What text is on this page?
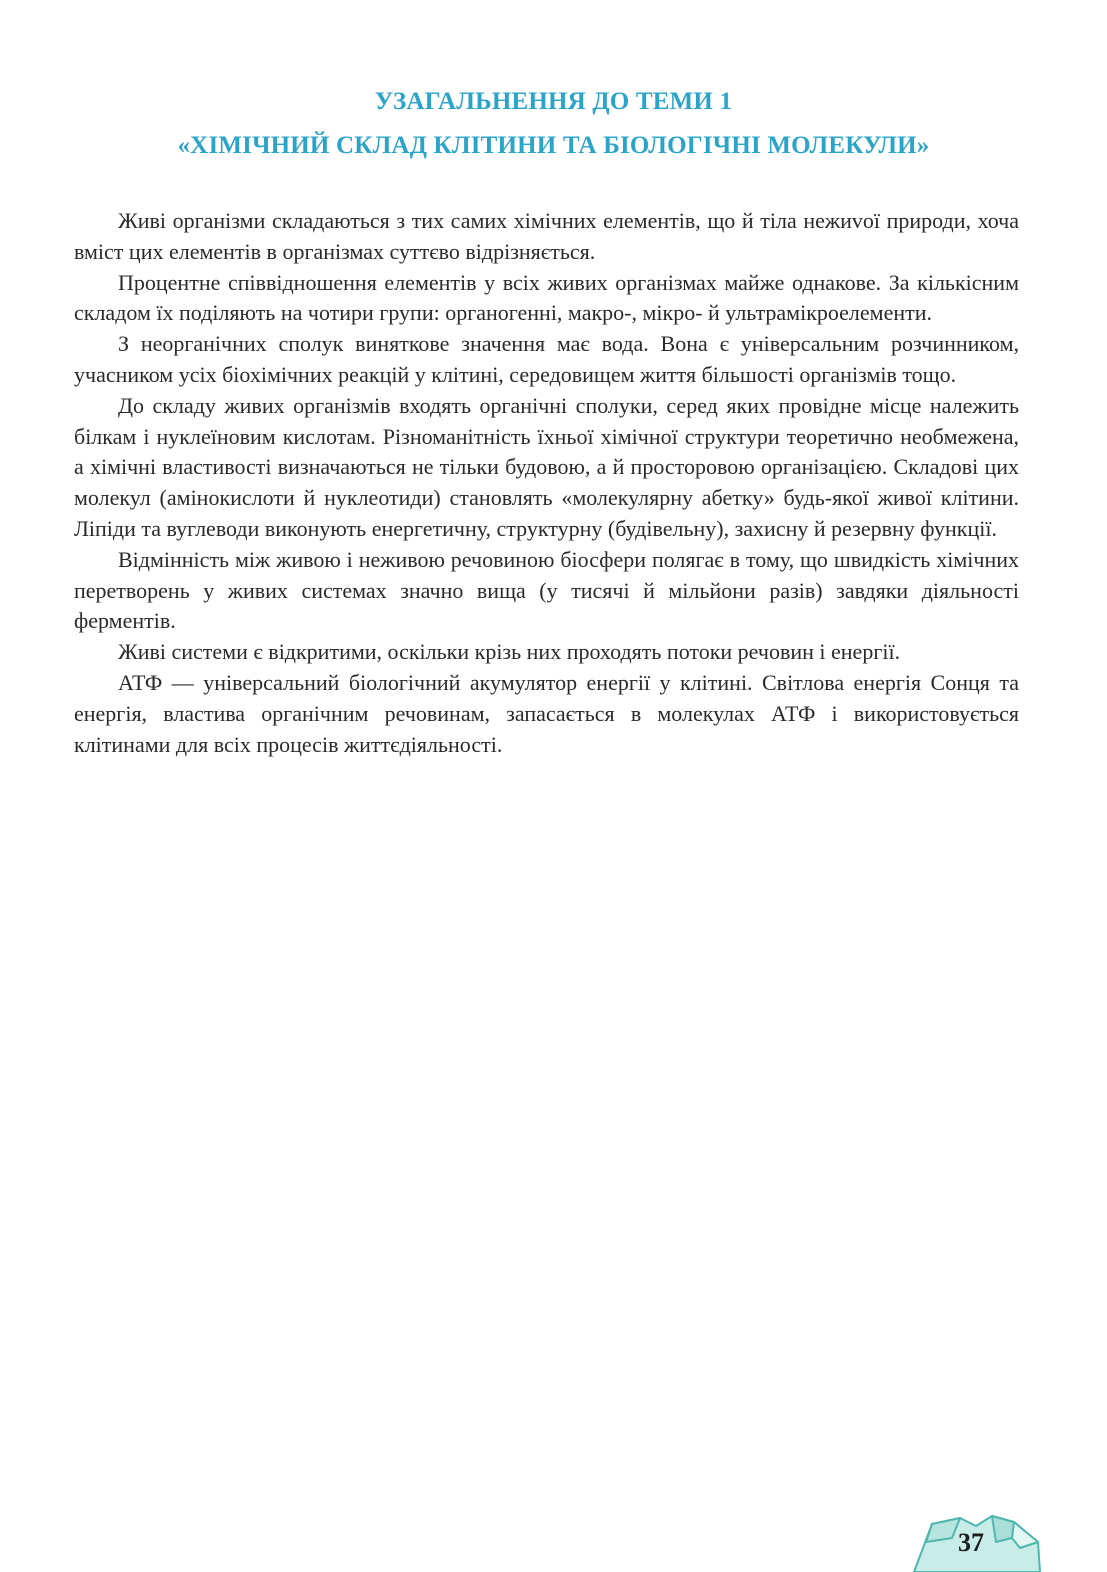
УЗАГАЛЬНЕННЯ ДО ТЕМИ 1
«ХІМІЧНИЙ СКЛАД КЛІТИНИ ТА БІОЛОГІЧНІ МОЛЕКУЛИ»

Живі організми складаються з тих самих хімічних елементів, що й тіла нежиvої природи, хоча вміст цих елементів в організмах суттєво відрізняється.

Процентне співвідношення елементів у всіх живих організмах майже однакове. За кількісним складом їх поділяють на чотири групи: органогенні, макро-, мікро- й ультрамікроелементи.

З неорганічних сполук виняткове значення має вода. Вона є універсальним розчинником, учасником усіх біохімічних реакцій у клітині, середовищем життя більшості організмів тощо.

До складу живих організмів входять органічні сполуки, серед яких провідне місце належить білкам і нуклеїновим кислотам. Різноманітність їхньої хімічної структури теоретично необмежена, а хімічні властивості визначаються не тільки будовою, а й просторовою організацією. Складові цих молекул (амінокислоти й нуклеотиди) становлять «молекулярну абетку» будь-якої живої клітини. Ліпіди та вуглеводи виконують енергетичну, структурну (будівельну), захисну й резервну функції.

Відмінність між живою і неживою речовиною біосфери полягає в тому, що швидкість хімічних перетворень у живих системах значно вища (у тисячі й мільйони разів) завдяки діяльності ферментів.

Живі системи є відкритими, оскільки крізь них проходять потоки речовин і енергії.

АТФ — універсальний біологічний акумулятор енергії у клітині. Світлова енергія Сонця та енергія, властива органічним речовинам, запасається в молекулах АТФ і використовується клітинами для всіх процесів життєдіяльності.

37
